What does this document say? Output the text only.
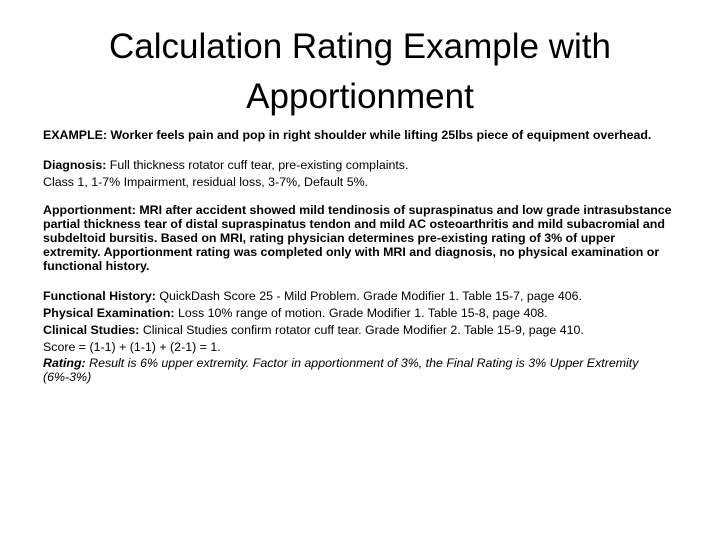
Calculation Rating Example with
Apportionment

EXAMPLE: Worker feels pain and pop in right shoulder while lifting 25lbs piece of equipment overhead.

Diagnosis: Full thickness rotator cuff tear, pre-existing complaints.
Class 1, 1-7% Impairment, residual loss, 3-7%, Default 5%.

Apportionment: MRI after accident showed mild tendinosis of supraspinatus and low grade intrasubstance partial thickness tear of distal supraspinatus tendon and mild AC osteoarthritis and mild subacromial and subdeltoid bursitis. Based on MRI, rating physician determines pre-existing rating of 3% of upper extremity. Apportionment rating was completed only with MRI and diagnosis, no physical examination or functional history.

Functional History: QuickDash Score 25 - Mild Problem. Grade Modifier 1. Table 15-7, page 406.
Physical Examination: Loss 10% range of motion. Grade Modifier 1. Table 15-8, page 408.
Clinical Studies: Clinical Studies confirm rotator cuff tear. Grade Modifier 2. Table 15-9, page 410.
Score = (1-1) + (1-1) + (2-1) = 1.
Rating: Result is 6% upper extremity. Factor in apportionment of 3%, the Final Rating is 3% Upper Extremity (6%-3%)
